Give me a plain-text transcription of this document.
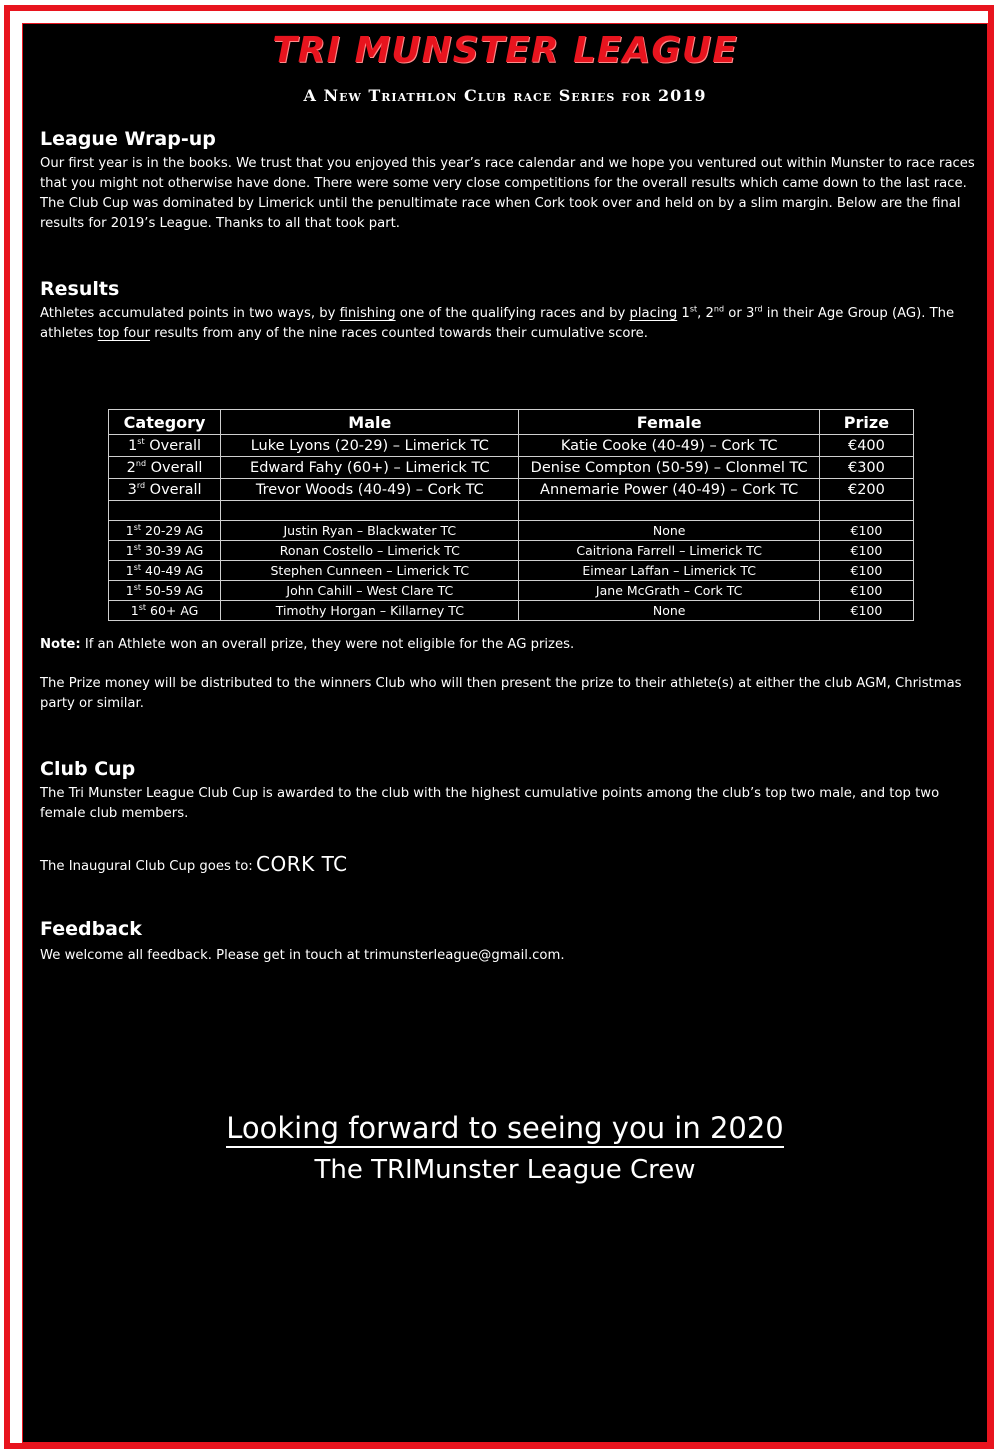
TRI MUNSTER LEAGUE
A New Triathlon Club race Series for 2019
League Wrap-up

Our first year is in the books. We trust that you enjoyed this year’s race calendar and we hope you ventured out within Munster to race races that you might not otherwise have done. There were some very close competitions for the overall results which came down to the last race. The Club Cup was dominated by Limerick until the penultimate race when Cork took over and held on by a slim margin. Below are the final results for 2019’s League. Thanks to all that took part.

Results

Athletes accumulated points in two ways, by finishing one of the qualifying races and by placing 1st, 2nd or 3rd in their Age Group (AG). The athletes top four results from any of the nine races counted towards their cumulative score.

Category	Male	Female	Prize
1st Overall	Luke Lyons (20-29) – Limerick TC	Katie Cooke (40-49) – Cork TC	€400
2nd Overall	Edward Fahy (60+) – Limerick TC	Denise Compton (50-59) – Clonmel TC	€300
3rd Overall	Trevor Woods (40-49) – Cork TC	Annemarie Power (40-49) – Cork TC	€200

1st 20-29 AG	Justin Ryan – Blackwater TC	None	€100
1st 30-39 AG	Ronan Costello – Limerick TC	Caitriona Farrell – Limerick TC	€100
1st 40-49 AG	Stephen Cunneen – Limerick TC	Eimear Laffan – Limerick TC	€100
1st 50-59 AG	John Cahill – West Clare TC	Jane McGrath – Cork TC	€100
1st 60+ AG	Timothy Horgan – Killarney TC	None	€100

Note: If an Athlete won an overall prize, they were not eligible for the AG prizes.

The Prize money will be distributed to the winners Club who will then present the prize to their athlete(s) at either the club AGM, Christmas party or similar.

Club Cup

The Tri Munster League Club Cup is awarded to the club with the highest cumulative points among the club’s top two male, and top two female club members.

The Inaugural Club Cup goes to: CORK TC
Feedback

We welcome all feedback. Please get in touch at trimunsterleague@gmail.com.

Looking forward to seeing you in 2020
The TRIMunster League Crew
